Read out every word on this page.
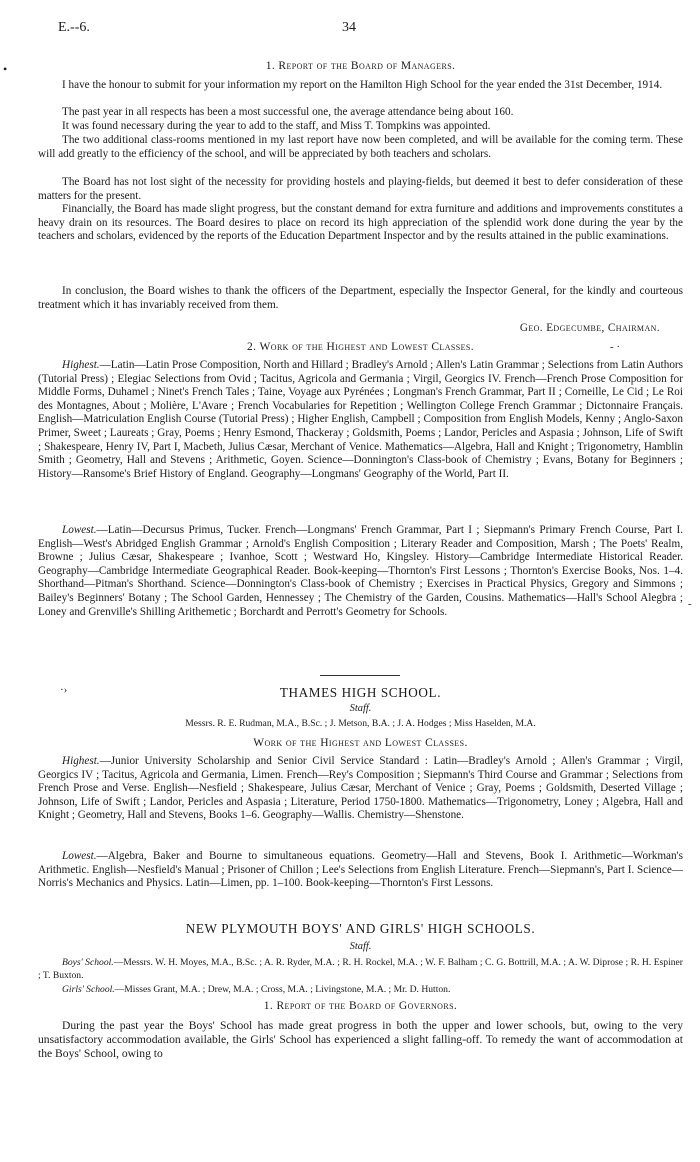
E.--6.	34
•	1. Report of the Board of Managers.

I have the honour to submit for your information my report on the Hamilton High School for the year ended the 31st December, 1914.

The past year in all respects has been a most successful one, the average attendance being about 160.

It was found necessary during the year to add to the staff, and Miss T. Tompkins was appointed.

The two additional class-rooms mentioned in my last report have now been completed, and will be available for the coming term. These will add greatly to the efficiency of the school, and will be appreciated by both teachers and scholars.

The Board has not lost sight of the necessity for providing hostels and playing-fields, but deemed it best to defer consideration of these matters for the present.

Financially, the Board has made slight progress, but the constant demand for extra furniture and additions and improvements constitutes a heavy drain on its resources. The Board desires to place on record its high appreciation of the splendid work done during the year by the teachers and scholars, evidenced by the reports of the Education Department Inspector and by the results attained in the public examinations.

In conclusion, the Board wishes to thank the officers of the Department, especially the Inspector General, for the kindly and courteous treatment which it has invariably received from them.

Geo. Edgecumbe, Chairman.

2. Work of the Highest and Lowest Classes.	- ·

Highest.—Latin—Latin Prose Composition, North and Hillard ; Bradley's Arnold ; Allen's Latin Grammar ; Selections from Latin Authors (Tutorial Press) ; Elegiac Selections from Ovid ; Tacitus, Agricola and Germania ; Virgil, Georgics IV. French—French Prose Composition for Middle Forms, Duhamel ; Ninet's French Tales ; Taine, Voyage aux Pyrénées ; Longman's French Grammar, Part II ; Corneille, Le Cid ; Le Roi des Montagnes, About ; Molière, L'Avare ; French Vocabularies for Repetition ; Wellington College French Grammar ; Dictonnaire Français. English—Matriculation English Course (Tutorial Press) ; Higher English, Campbell ; Composition from English Models, Kenny ; Anglo-Saxon Primer, Sweet ; Laureats ; Gray, Poems ; Henry Esmond, Thackeray ; Goldsmith, Poems ; Landor, Pericles and Aspasia ; Johnson, Life of Swift ; Shakespeare, Henry IV, Part I, Macbeth, Julius Cæsar, Merchant of Venice. Mathematics—Algebra, Hall and Knight ; Trigonometry, Hamblin Smith ; Geometry, Hall and Stevens ; Arithmetic, Goyen. Science—Donnington's Class-book of Chemistry ; Evans, Botany for Beginners ; History—Ransome's Brief History of England. Geography—Longmans' Geography of the World, Part II.

Lowest.—Latin—Decursus Primus, Tucker. French—Longmans' French Grammar, Part I ; Siepmann's Primary French Course, Part I. English—West's Abridged English Grammar ; Arnold's English Composition ; Literary Reader and Composition, Marsh ; The Poets' Realm, Browne ; Julius Cæsar, Shakespeare ; Ivanhoe, Scott ; Westward Ho, Kingsley. History—Cambridge Intermediate Historical Reader. Geography—Cambridge Intermediate Geographical Reader. Book-keeping—Thornton's First Lessons ; Thornton's Exercise Books, Nos. 1–4. Shorthand—Pitman's Shorthand. Science—Donnington's Class-book of Chemistry ; Exercises in Practical Physics, Gregory and Simmons ; Bailey's Beginners' Botany ; The School Garden, Hennessey ; The Chemistry of the Garden, Cousins. Mathematics—Hall's School Alegbra ; Loney and Grenville's Shilling Arithemetic ; Borchardt and Perrott's Geometry for Schools.

-
·›	THAMES HIGH SCHOOL.

Staff.

Messrs. R. E. Rudman, M.A., B.Sc. ; J. Metson, B.A. ; J. A. Hodges ; Miss Haselden, M.A.

Work of the Highest and Lowest Classes.

Highest.—Junior University Scholarship and Senior Civil Service Standard : Latin—Bradley's Arnold ; Allen's Grammar ; Virgil, Georgics IV ; Tacitus, Agricola and Germania, Limen. French—Rey's Composition ; Siepmann's Third Course and Grammar ; Selections from French Prose and Verse. English—Nesfield ; Shakespeare, Julius Cæsar, Merchant of Venice ; Gray, Poems ; Goldsmith, Deserted Village ; Johnson, Life of Swift ; Landor, Pericles and Aspasia ; Literature, Period 1750-1800. Mathematics—Trigonometry, Loney ; Algebra, Hall and Knight ; Geometry, Hall and Stevens, Books 1–6. Geography—Wallis. Chemistry—Shenstone.

Lowest.—Algebra, Baker and Bourne to simultaneous equations. Geometry—Hall and Stevens, Book I. Arithmetic—Workman's Arithmetic. English—Nesfield's Manual ; Prisoner of Chillon ; Lee's Selections from English Literature. French—Siepmann's, Part I. Science—Norris's Mechanics and Physics. Latin—Limen, pp. 1–100. Book-keeping—Thornton's First Lessons.

NEW PLYMOUTH BOYS' AND GIRLS' HIGH SCHOOLS.

Staff.

Boys' School.—Messrs. W. H. Moyes, M.A., B.Sc. ; A. R. Ryder, M.A. ; R. H. Rockel, M.A. ; W. F. Balham ; C. G. Bottrill, M.A. ; A. W. Diprose ; R. H. Espiner ; T. Buxton.

Girls' School.—Misses Grant, M.A. ; Drew, M.A. ; Cross, M.A. ; Livingstone, M.A. ; Mr. D. Hutton.

1. Report of the Board of Governors.

During the past year the Boys' School has made great progress in both the upper and lower schools, but, owing to the very unsatisfactory accommodation available, the Girls' School has experienced a slight falling-off. To remedy the want of accommodation at the Boys' School, owing to
